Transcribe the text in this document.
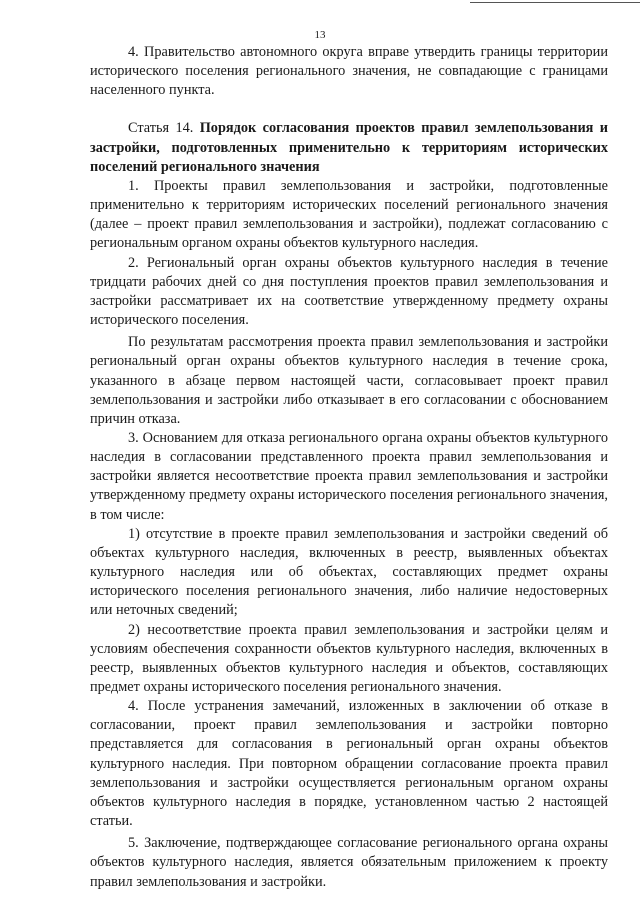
13

4. Правительство автономного округа вправе утвердить границы территории исторического поселения регионального значения, не совпадающие с границами населенного пункта.

Статья 14. Порядок согласования проектов правил землепользования и застройки, подготовленных применительно к территориям исторических поселений регионального значения

1. Проекты правил землепользования и застройки, подготовленные применительно к территориям исторических поселений регионального значения (далее – проект правил землепользования и застройки), подлежат согласованию с региональным органом охраны объектов культурного наследия.

2. Региональный орган охраны объектов культурного наследия в течение тридцати рабочих дней со дня поступления проектов правил землепользования и застройки рассматривает их на соответствие утвержденному предмету охраны исторического поселения.

По результатам рассмотрения проекта правил землепользования и застройки региональный орган охраны объектов культурного наследия в течение срока, указанного в абзаце первом настоящей части, согласовывает проект правил землепользования и застройки либо отказывает в его согласовании с обоснованием причин отказа.

3. Основанием для отказа регионального органа охраны объектов культурного наследия в согласовании представленного проекта правил землепользования и застройки является несоответствие проекта правил землепользования и застройки утвержденному предмету охраны исторического поселения регионального значения, в том числе:

1) отсутствие в проекте правил землепользования и застройки сведений об объектах культурного наследия, включенных в реестр, выявленных объектах культурного наследия или об объектах, составляющих предмет охраны исторического поселения регионального значения, либо наличие недостоверных или неточных сведений;

2) несоответствие проекта правил землепользования и застройки целям и условиям обеспечения сохранности объектов культурного наследия, включенных в реестр, выявленных объектов культурного наследия и объектов, составляющих предмет охраны исторического поселения регионального значения.

4. После устранения замечаний, изложенных в заключении об отказе в согласовании, проект правил землепользования и застройки повторно представляется для согласования в региональный орган охраны объектов культурного наследия. При повторном обращении согласование проекта правил землепользования и застройки осуществляется региональным органом охраны объектов культурного наследия в порядке, установленном частью 2 настоящей статьи.

5. Заключение, подтверждающее согласование регионального органа охраны объектов культурного наследия, является обязательным приложением к проекту правил землепользования и застройки.
